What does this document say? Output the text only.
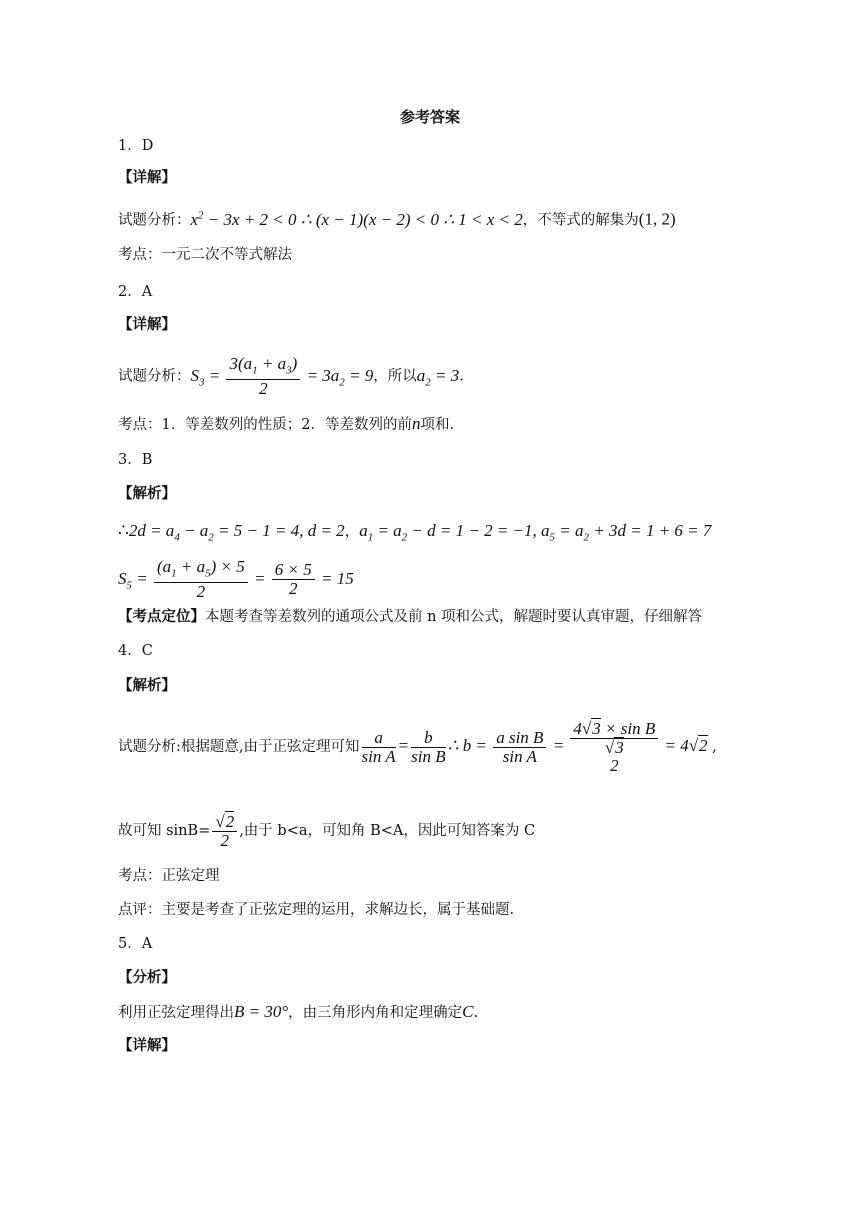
参考答案
1．D
【详解】
试题分析：$x^2 - 3x + 2 < 0$ ∴ (x − 1)(x − 2) < 0 ∴ 1 < x < 2，不等式的解集为(1, 2)
考点：一元二次不等式解法
2．A
【详解】
试题分析：$S_3 = \frac{3(a_1 + a_3)}{2} = 3a_2 = 9$，所以$a_2 = 3$.
考点：1．等差数列的性质；2．等差数列的前n项和.
3．B
【解析】
∴2d = $a_4 - a_2 = 5 - 1 = 4$, d = 2，$a_1 = a_2 - d = 1 - 2 = -1$, $a_5 = a_2 + 3d = 1 + 6 = 7$
$S_5 = \frac{(a_1 + a_5) \times 5}{2} = \frac{6 \times 5}{2} = 15$
【考点定位】本题考查等差数列的通项公式及前 n 项和公式，解题时要认真审题，仔细解答
4．C
【解析】
试题分析:根据题意,由于正弦定理可知 $\frac{a}{\text{sin A}} = \frac{b}{\text{sin B}}$ ∴ $b = \frac{\text{a sin B}}{\text{sin A}}$ =
4√3 × sin B
√3
2
= 4√2 ,
故可知 $\sin B= \frac{√2}{2}$ ,由于 b<a，可知角 B<A，因此可知答案为 C
考点：正弦定理
点评：主要是考查了正弦定理的运用，求解边长，属于基础题.
5．A
【分析】
利用正弦定理得出B = 30°，由三角形内角和定理确定C.
【详解】
